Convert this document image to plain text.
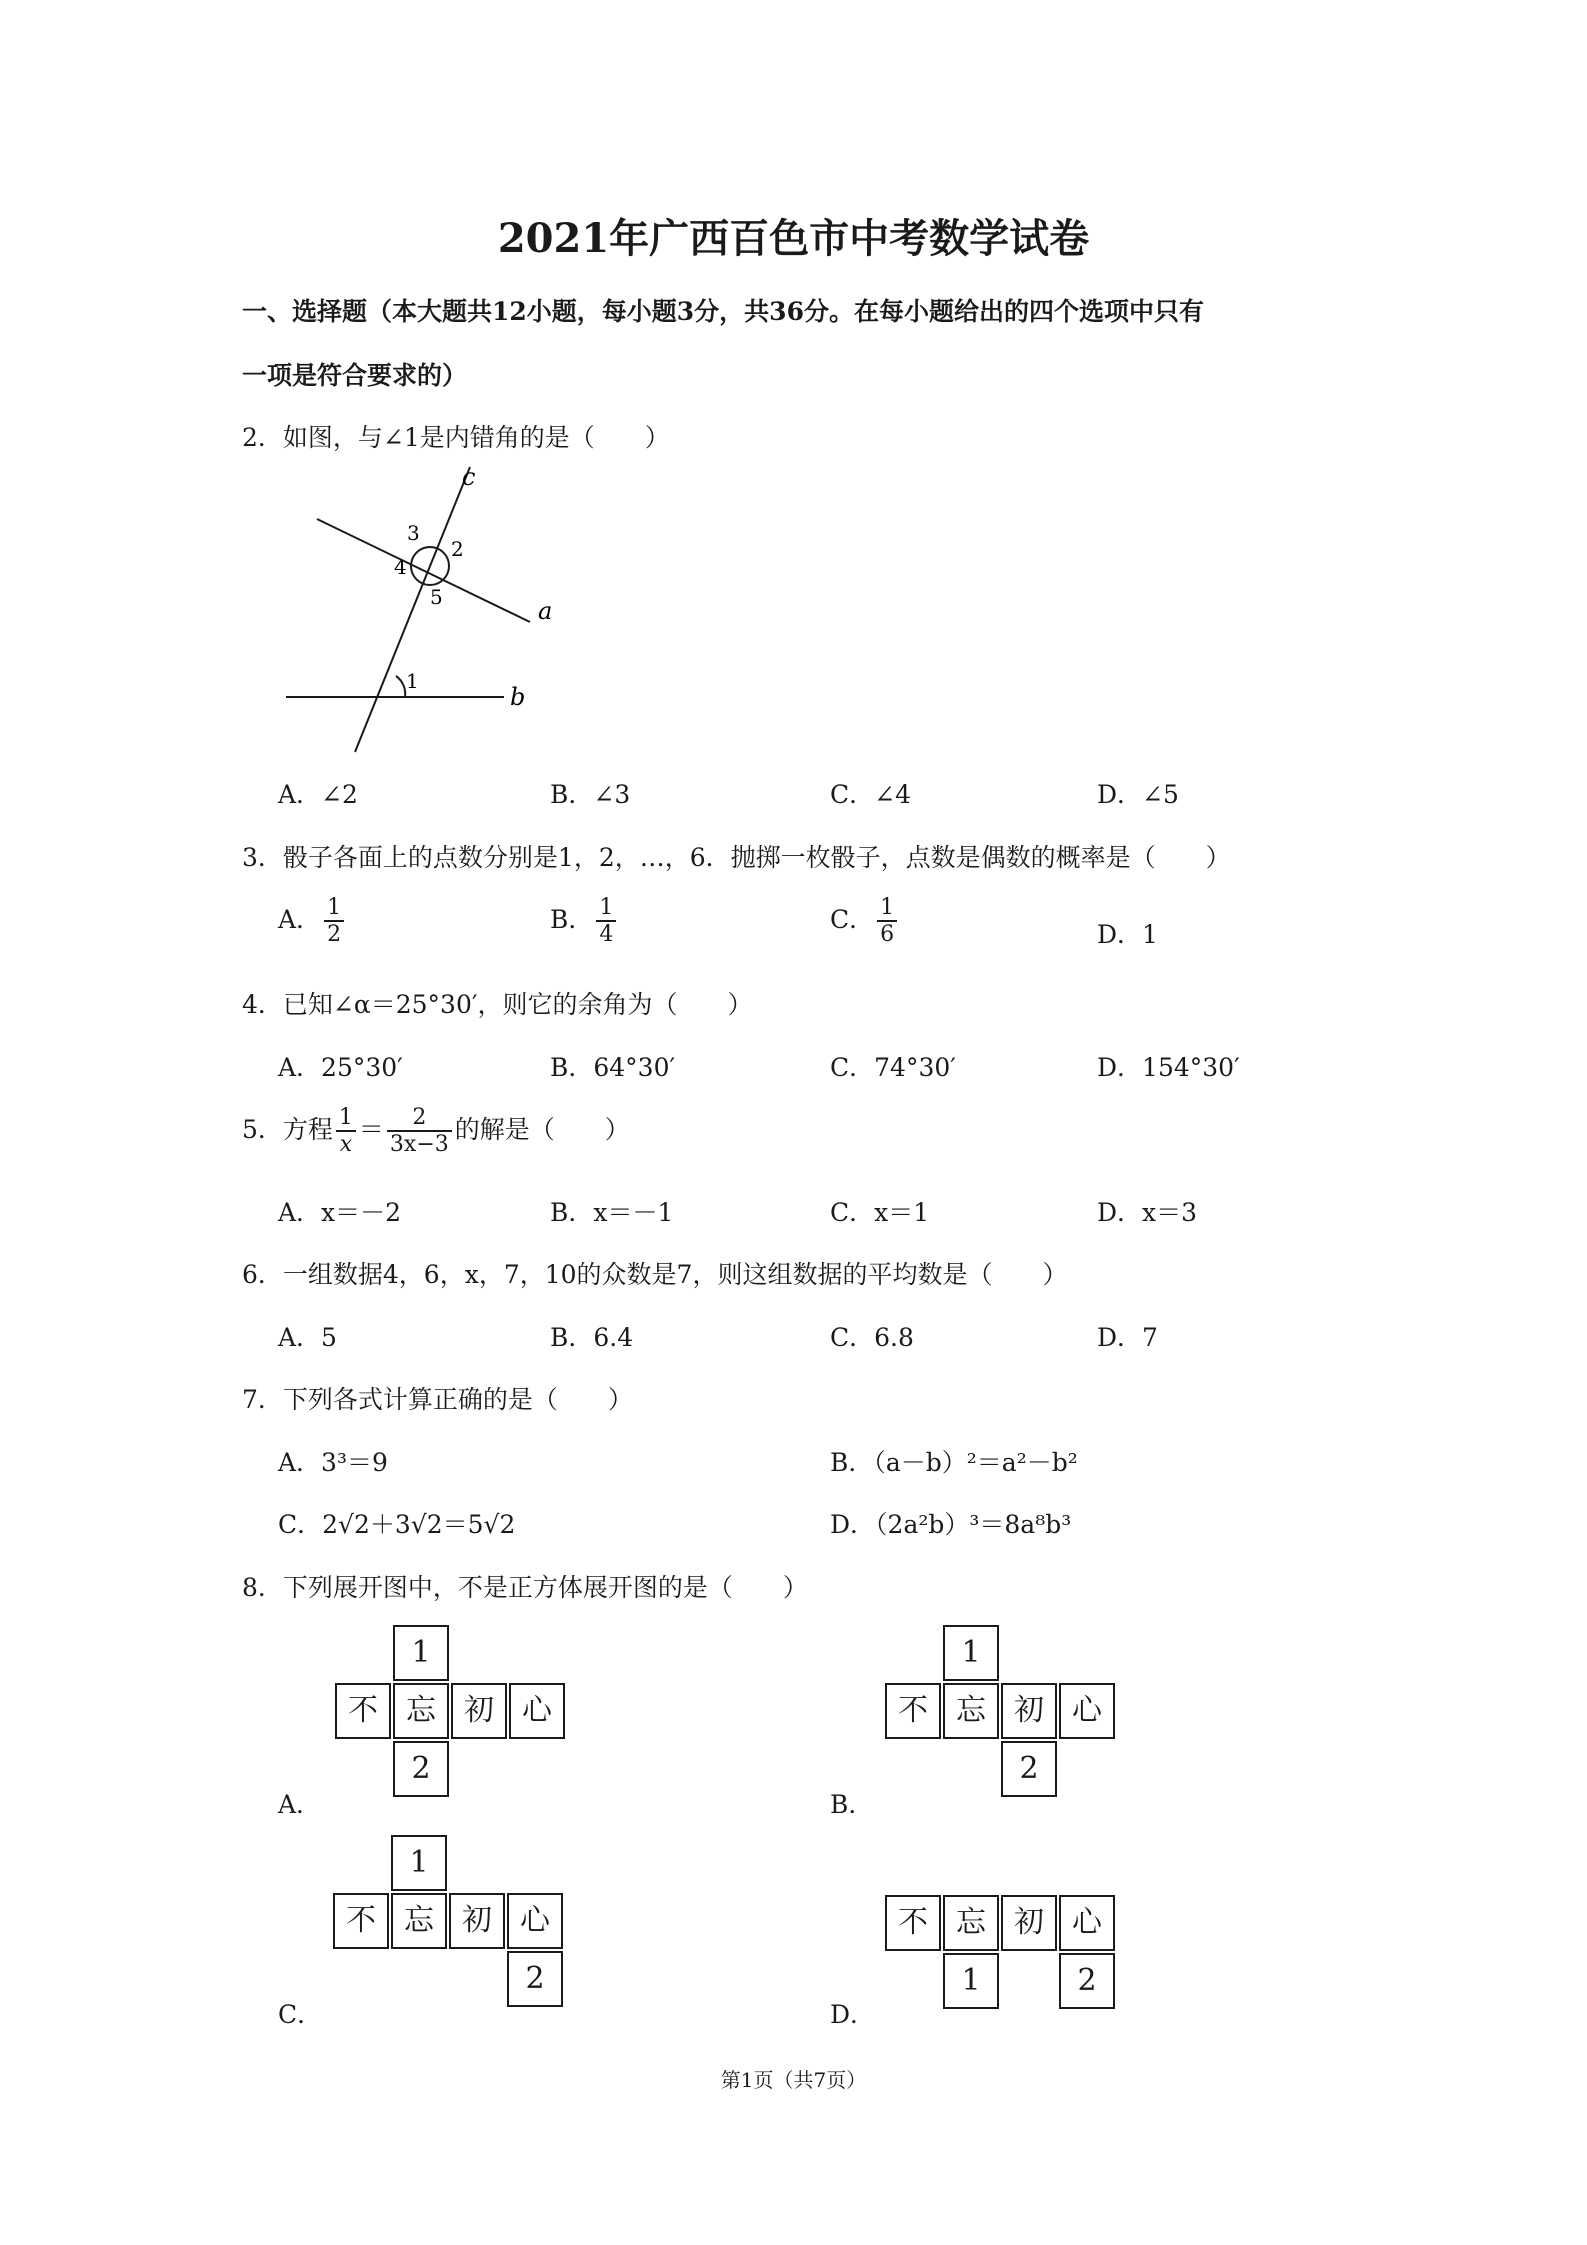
2021年广西百色市中考数学试卷
一、选择题（本大题共12小题，每小题3分，共36分。在每小题给出的四个选项中只有
一项是符合要求的）
2．如图，与∠1是内错角的是（　　）
c
a
b
3
2
4
5
1
A．∠2	B．∠3	C．∠4	D．∠5
3．骰子各面上的点数分别是1，2，…，6．抛掷一枚骰子，点数是偶数的概率是（　　）
A． $\frac{1}{2}$	B． $\frac{1}{4}$	C． $\frac{1}{6}$	D．1
4．已知∠α＝25°30′，则它的余角为（　　）
A．25°30′	B．64°30′	C．74°30′	D．154°30′
5．方程 $\frac{1}{x} = \frac{2}{3x-3}$ 的解是（　　）
A．x＝－2	B．x＝－1	C．x＝1	D．x＝3
6．一组数据4，6，x，7，10的众数是7，则这组数据的平均数是（　　）
A．5	B．6.4	C．6.8	D．7
7．下列各式计算正确的是（　　）
A．3³＝9	B．（a－b）²＝a²－b²
C．2√2＋3√2＝5√2	D．（2a²b）³＝8a⁸b³
8．下列展开图中，不是正方体展开图的是（　　）
1
不 忘 初 心
2
A．
1
不 忘 初 心
2
B．
1
不 忘 初 心
2
C．
不 忘 初 心
1	2
D．
第1页（共7页）
